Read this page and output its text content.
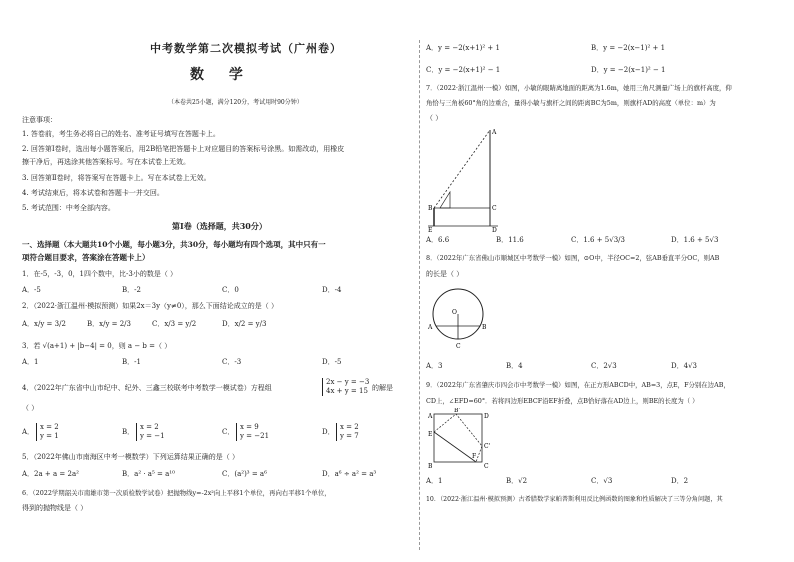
中考数学第二次模拟考试（广州卷）
数 学
（本卷共25小题，满分120分，考试用时90分钟）
注意事项：
1. 答卷前，考生务必将自己的姓名、准考证号填写在答题卡上。
2. 回答第Ⅰ卷时，选出每小题答案后，用2B铅笔把答题卡上对应题目的答案标号涂黑。如需改动，用橡皮
擦干净后，再选涂其他答案标号。写在本试卷上无效。
3. 回答第Ⅱ卷时，将答案写在答题卡上。写在本试卷上无效。
4. 考试结束后，将本试卷和答题卡一并交回。
5. 考试范围：中考全部内容。
第Ⅰ卷（选择题，共30分）
一、选择题（本大题共10个小题，每小题3分，共30分，每小题均有四个选项，其中只有一
项符合题目要求，答案涂在答题卡上）
1．在-5，-3，0，1四个数中，比-3小的数是（ ）
A．-5	B．-2	C．0	D．-4
2．（2022·浙江温州·模拟预测）如果2x＝3y（y≠0），那么下面结论成立的是（ ）
A．x/y = 3/2	B．x/y = 2/3	C．x/3 = y/2	D．x/2 = y/3
3．若 √(a+1) + |b−4| = 0，则 a − b =（ ）
A．1	B．-1	C．-3	D．-5
4．（2022年广东省中山市纪中、纪外、三鑫三校联考中考数学一模试卷）方程组
2x − y = −3
4x + y = 15 的解是
（ ）
A．
x = 2
y = 1	B．
x = 2
y = −1	C．
x = 9
y = −21	D．
x = 2
y = 7
5．（2022年佛山市南海区中考一模数学）下列运算结果正确的是（ ）
A．2a + a = 2a²	B．a² · a⁵ = a¹⁰	C．(a²)³ = a⁶	D．a⁶ ÷ a² = a³
6．（2022学期韶关市南雄市第一次质检数学试卷）把抛物线y=-2x²向上平移1个单位，再向右平移1个单位，
得到的抛物线是（ ）
A．y = −2(x+1)² + 1	B．y = −2(x−1)² + 1
C．y = −2(x+1)² − 1	D．y = −2(x−1)² − 1
7．（2022·浙江温州·一模）如图，小敏的眼睛离地面的距离为1.6m，她用三角尺测量广场上的旗杆高度，仰
角恰与三角板60°角的边重合，量得小敏与旗杆之间的距离BC为5m，则旗杆AD的高度（单位：m）为
（ ）
A
B	C
D
E
A．6.6	B．11.6	C．1.6 + 5√3/3	D．1.6 + 5√3
8．（2022年广东省佛山市顺城区中考数学一模）如图，⊙O中，半径OC=2，弦AB垂直平分OC，则AB
的长是（ ）
O
A	B
C
A．3	B．4	C．2√3	D．4√3
9．（2022年广东省肇庆市四会市中考数学一模）如图，在正方形ABCD中，AB=3，点E，F分别在边AB，
CD上，∠EFD=60°．若将四边形EBCF沿EF折叠，点B恰好落在AD边上，则BE的长度为（ ）
A
E
B'
D
C'
F
B	C
A．1	B．√2	C．√3	D．2
10．（2022·浙江温州·模拟预测）古希腊数学家帕普斯利用反比例函数的图象和性质解决了三等分角问题，其
